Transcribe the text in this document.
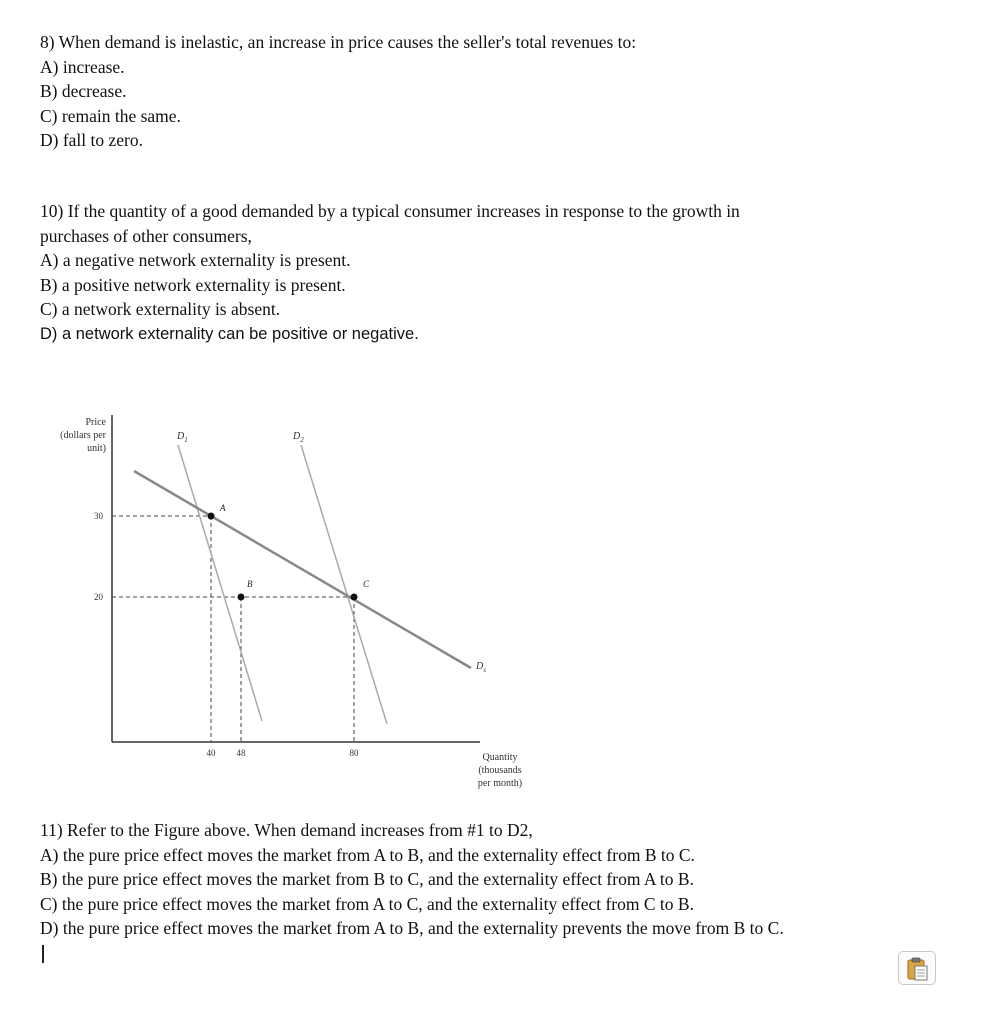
8) When demand is inelastic, an increase in price causes the seller's total revenues to:
A) increase.
B) decrease.
C) remain the same.
D) fall to zero.
10) If the quantity of a good demanded by a typical consumer increases in response to the growth in
purchases of other consumers,
A) a negative network externality is present.
B) a positive network externality is present.
C) a network externality is absent.
D) a network externality can be positive or negative.
Price
(dollars per
unit)
Quantity
(thousands
per month)
30
20
40 48	80
$D_1$	$D_2$
$D_s$
A
B	C
11) Refer to the Figure above. When demand increases from #1 to D2,
A) the pure price effect moves the market from A to B, and the externality effect from B to C.
B) the pure price effect moves the market from B to C, and the externality effect from A to B.
C) the pure price effect moves the market from A to C, and the externality effect from C to B.
D) the pure price effect moves the market from A to B, and the externality prevents the move from B to C.
